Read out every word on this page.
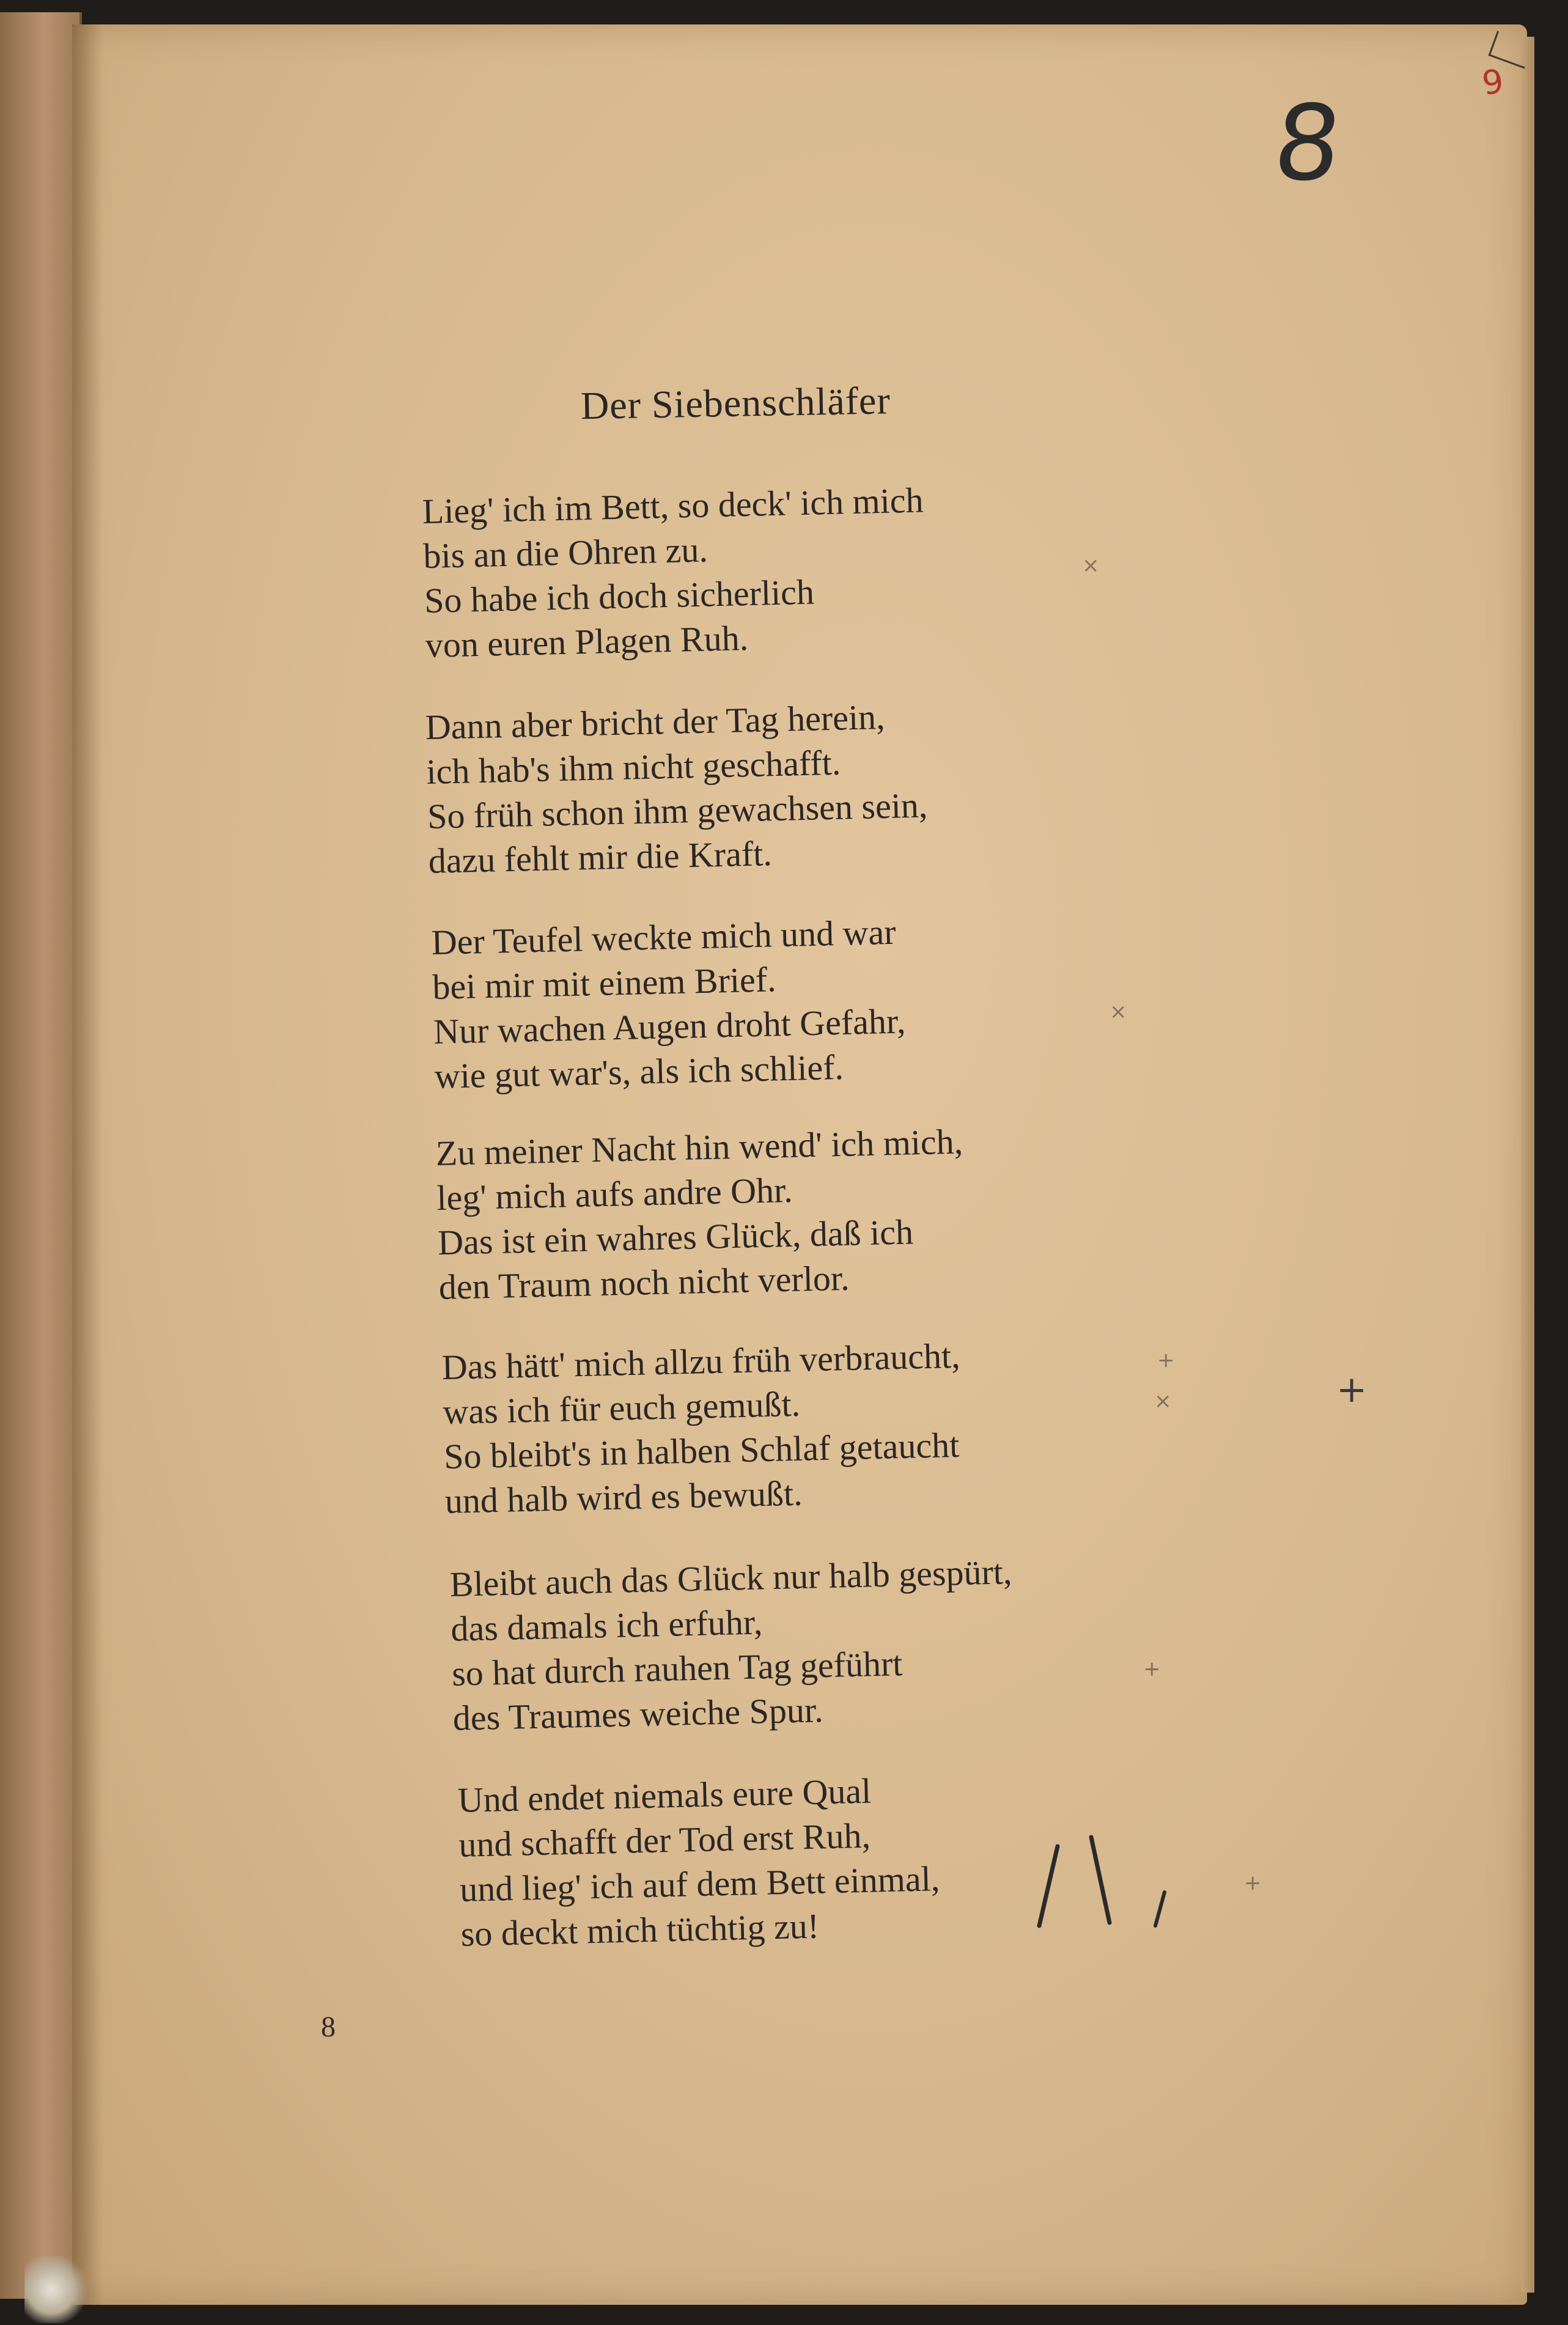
8
9
Der Siebenschläfer
Lieg' ich im Bett, so deck' ich mich
bis an die Ohren zu.
So habe ich doch sicherlich
von euren Plagen Ruh.
Dann aber bricht der Tag herein,
ich hab's ihm nicht geschafft.
So früh schon ihm gewachsen sein,
dazu fehlt mir die Kraft.
Der Teufel weckte mich und war
bei mir mit einem Brief.
Nur wachen Augen droht Gefahr,
wie gut war's, als ich schlief.
Zu meiner Nacht hin wend' ich mich,
leg' mich aufs andre Ohr.
Das ist ein wahres Glück, daß ich
den Traum noch nicht verlor.
Das hätt' mich allzu früh verbraucht,
was ich für euch gemußt.
So bleibt's in halben Schlaf getaucht
und halb wird es bewußt.
Bleibt auch das Glück nur halb gespürt,
das damals ich erfuhr,
so hat durch rauhen Tag geführt
des Traumes weiche Spur.
Und endet niemals eure Qual
und schafft der Tod erst Ruh,
und lieg' ich auf dem Bett einmal,
so deckt mich tüchtig zu!
+
×
×
+
×
+
+
8
